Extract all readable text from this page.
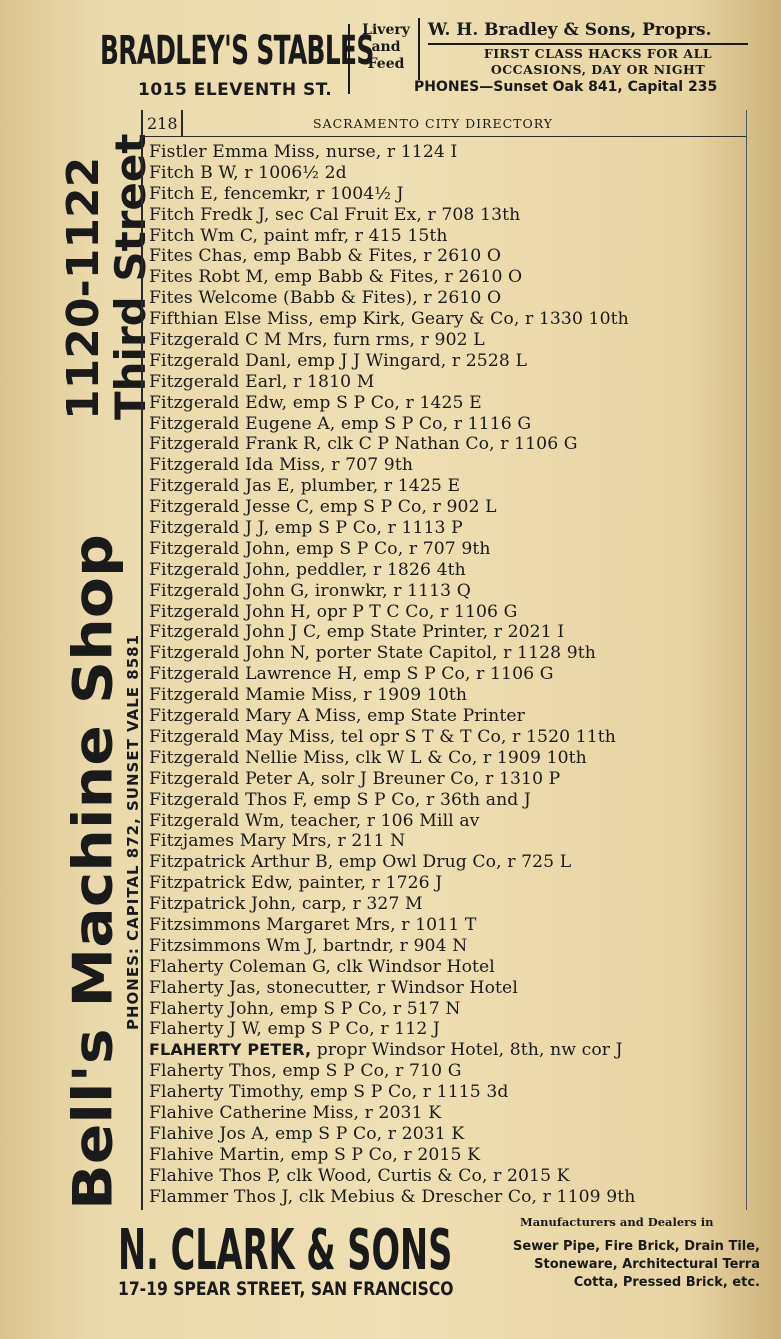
BRADLEY'S STABLES
Livery
and
Feed
W. H. Bradley & Sons, Proprs.
FIRST CLASS HACKS FOR ALL
OCCASIONS, DAY OR NIGHT
1015 ELEVENTH ST.	PHONES—Sunset Oak 841, Capital 235
Bell's Machine Shop PHONES: CAPITAL 872, SUNSET VALE 8581
1120-1122
Third Street
218	SACRAMENTO CITY DIRECTORY
Fistler Emma Miss, nurse, r 1124 I
Fitch B W, r 1006½ 2d
Fitch E, fencemkr, r 1004½ J
Fitch Fredk J, sec Cal Fruit Ex, r 708 13th
Fitch Wm C, paint mfr, r 415 15th
Fites Chas, emp Babb & Fites, r 2610 O
Fites Robt M, emp Babb & Fites, r 2610 O
Fites Welcome (Babb & Fites), r 2610 O
Fifthian Else Miss, emp Kirk, Geary & Co, r 1330 10th
Fitzgerald C M Mrs, furn rms, r 902 L
Fitzgerald Danl, emp J J Wingard, r 2528 L
Fitzgerald Earl, r 1810 M
Fitzgerald Edw, emp S P Co, r 1425 E
Fitzgerald Eugene A, emp S P Co, r 1116 G
Fitzgerald Frank R, clk C P Nathan Co, r 1106 G
Fitzgerald Ida Miss, r 707 9th
Fitzgerald Jas E, plumber, r 1425 E
Fitzgerald Jesse C, emp S P Co, r 902 L
Fitzgerald J J, emp S P Co, r 1113 P
Fitzgerald John, emp S P Co, r 707 9th
Fitzgerald John, peddler, r 1826 4th
Fitzgerald John G, ironwkr, r 1113 Q
Fitzgerald John H, opr P T C Co, r 1106 G
Fitzgerald John J C, emp State Printer, r 2021 I
Fitzgerald John N, porter State Capitol, r 1128 9th
Fitzgerald Lawrence H, emp S P Co, r 1106 G
Fitzgerald Mamie Miss, r 1909 10th
Fitzgerald Mary A Miss, emp State Printer
Fitzgerald May Miss, tel opr S T & T Co, r 1520 11th
Fitzgerald Nellie Miss, clk W L & Co, r 1909 10th
Fitzgerald Peter A, solr J Breuner Co, r 1310 P
Fitzgerald Thos F, emp S P Co, r 36th and J
Fitzgerald Wm, teacher, r 106 Mill av
Fitzjames Mary Mrs, r 211 N
Fitzpatrick Arthur B, emp Owl Drug Co, r 725 L
Fitzpatrick Edw, painter, r 1726 J
Fitzpatrick John, carp, r 327 M
Fitzsimmons Margaret Mrs, r 1011 T
Fitzsimmons Wm J, bartndr, r 904 N
Flaherty Coleman G, clk Windsor Hotel
Flaherty Jas, stonecutter, r Windsor Hotel
Flaherty John, emp S P Co, r 517 N
Flaherty J W, emp S P Co, r 112 J
FLAHERTY PETER, propr Windsor Hotel, 8th, nw cor J
Flaherty Thos, emp S P Co, r 710 G
Flaherty Timothy, emp S P Co, r 1115 3d
Flahive Catherine Miss, r 2031 K
Flahive Jos A, emp S P Co, r 2031 K
Flahive Martin, emp S P Co, r 2015 K
Flahive Thos P, clk Wood, Curtis & Co, r 2015 K
Flammer Thos J, clk Mebius & Drescher Co, r 1109 9th
N. CLARK & SONS
17-19 SPEAR STREET, SAN FRANCISCO
Manufacturers and Dealers in
Sewer Pipe, Fire Brick, Drain Tile,
Stoneware, Architectural Terra
Cotta, Pressed Brick, etc.
